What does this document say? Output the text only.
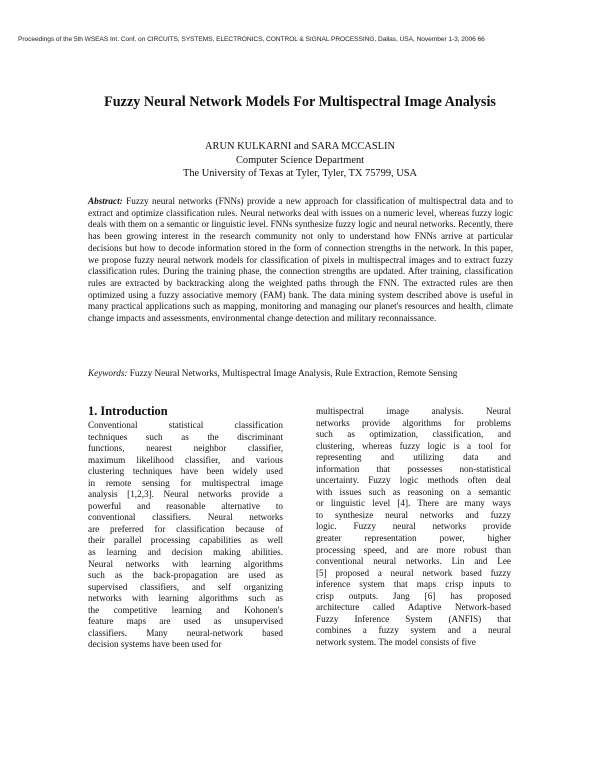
Proceedings of the 5th WSEAS Int. Conf. on CIRCUITS, SYSTEMS, ELECTRONICS, CONTROL & SIGNAL PROCESSING, Dallas, USA, November 1-3, 2006 66
Fuzzy Neural Network Models For Multispectral Image Analysis
ARUN KULKARNI and SARA MCCASLIN
Computer Science Department
The University of Texas at Tyler, Tyler, TX 75799, USA
Abstract: Fuzzy neural networks (FNNs) provide a new approach for classification of multispectral data and to extract and optimize classification rules. Neural networks deal with issues on a numeric level, whereas fuzzy logic deals with them on a semantic or linguistic level. FNNs synthesize fuzzy logic and neural networks. Recently, there has been growing interest in the research community not only to understand how FNNs arrive at particular decisions but how to decode information stored in the form of connection strengths in the network. In this paper, we propose fuzzy neural network models for classification of pixels in multispectral images and to extract fuzzy classification rules. During the training phase, the connection strengths are updated. After training, classification rules are extracted by backtracking along the weighted paths through the FNN. The extracted rules are then optimized using a fuzzy associative memory (FAM) bank. The data mining system described above is useful in many practical applications such as mapping, monitoring and managing our planet's resources and health, climate change impacts and assessments, environmental change detection and military reconnaissance.
Keywords: Fuzzy Neural Networks, Multispectral Image Analysis, Rule Extraction, Remote Sensing
1. Introduction
Conventional statistical classification
techniques such as the discriminant
functions, nearest neighbor classifier,
maximum likelihood classifier, and various
clustering techniques have been widely used
in remote sensing for multispectral image
analysis [1,2,3]. Neural networks provide a
powerful and reasonable alternative to
conventional classifiers. Neural networks
are preferred for classification because of
their parallel processing capabilities as well
as learning and decision making abilities.
Neural networks with learning algorithms
such as the back-propagation are used as
supervised classifiers, and self organizing
networks with learning algorithms such as
the competitive learning and Kohonen's
feature maps are used as unsupervised
classifiers. Many neural-network based
decision systems have been used for
multispectral image analysis. Neural
networks provide algorithms for problems
such as optimization, classification, and
clustering, whereas fuzzy logic is a tool for
representing and utilizing data and
information that possesses non-statistical
uncertainty. Fuzzy logic methods often deal
with issues such as reasoning on a semantic
or linguistic level [4]. There are many ways
to synthesize neural networks and fuzzy
logic. Fuzzy neural networks provide
greater representation power, higher
processing speed, and are more robust than
conventional neural networks. Lin and Lee
[5] proposed a neural network based fuzzy
inference system that maps crisp inputs to
crisp outputs. Jang [6] has proposed
architecture called Adaptive Network-based
Fuzzy Inference System (ANFIS) that
combines a fuzzy system and a neural
network system. The model consists of five
